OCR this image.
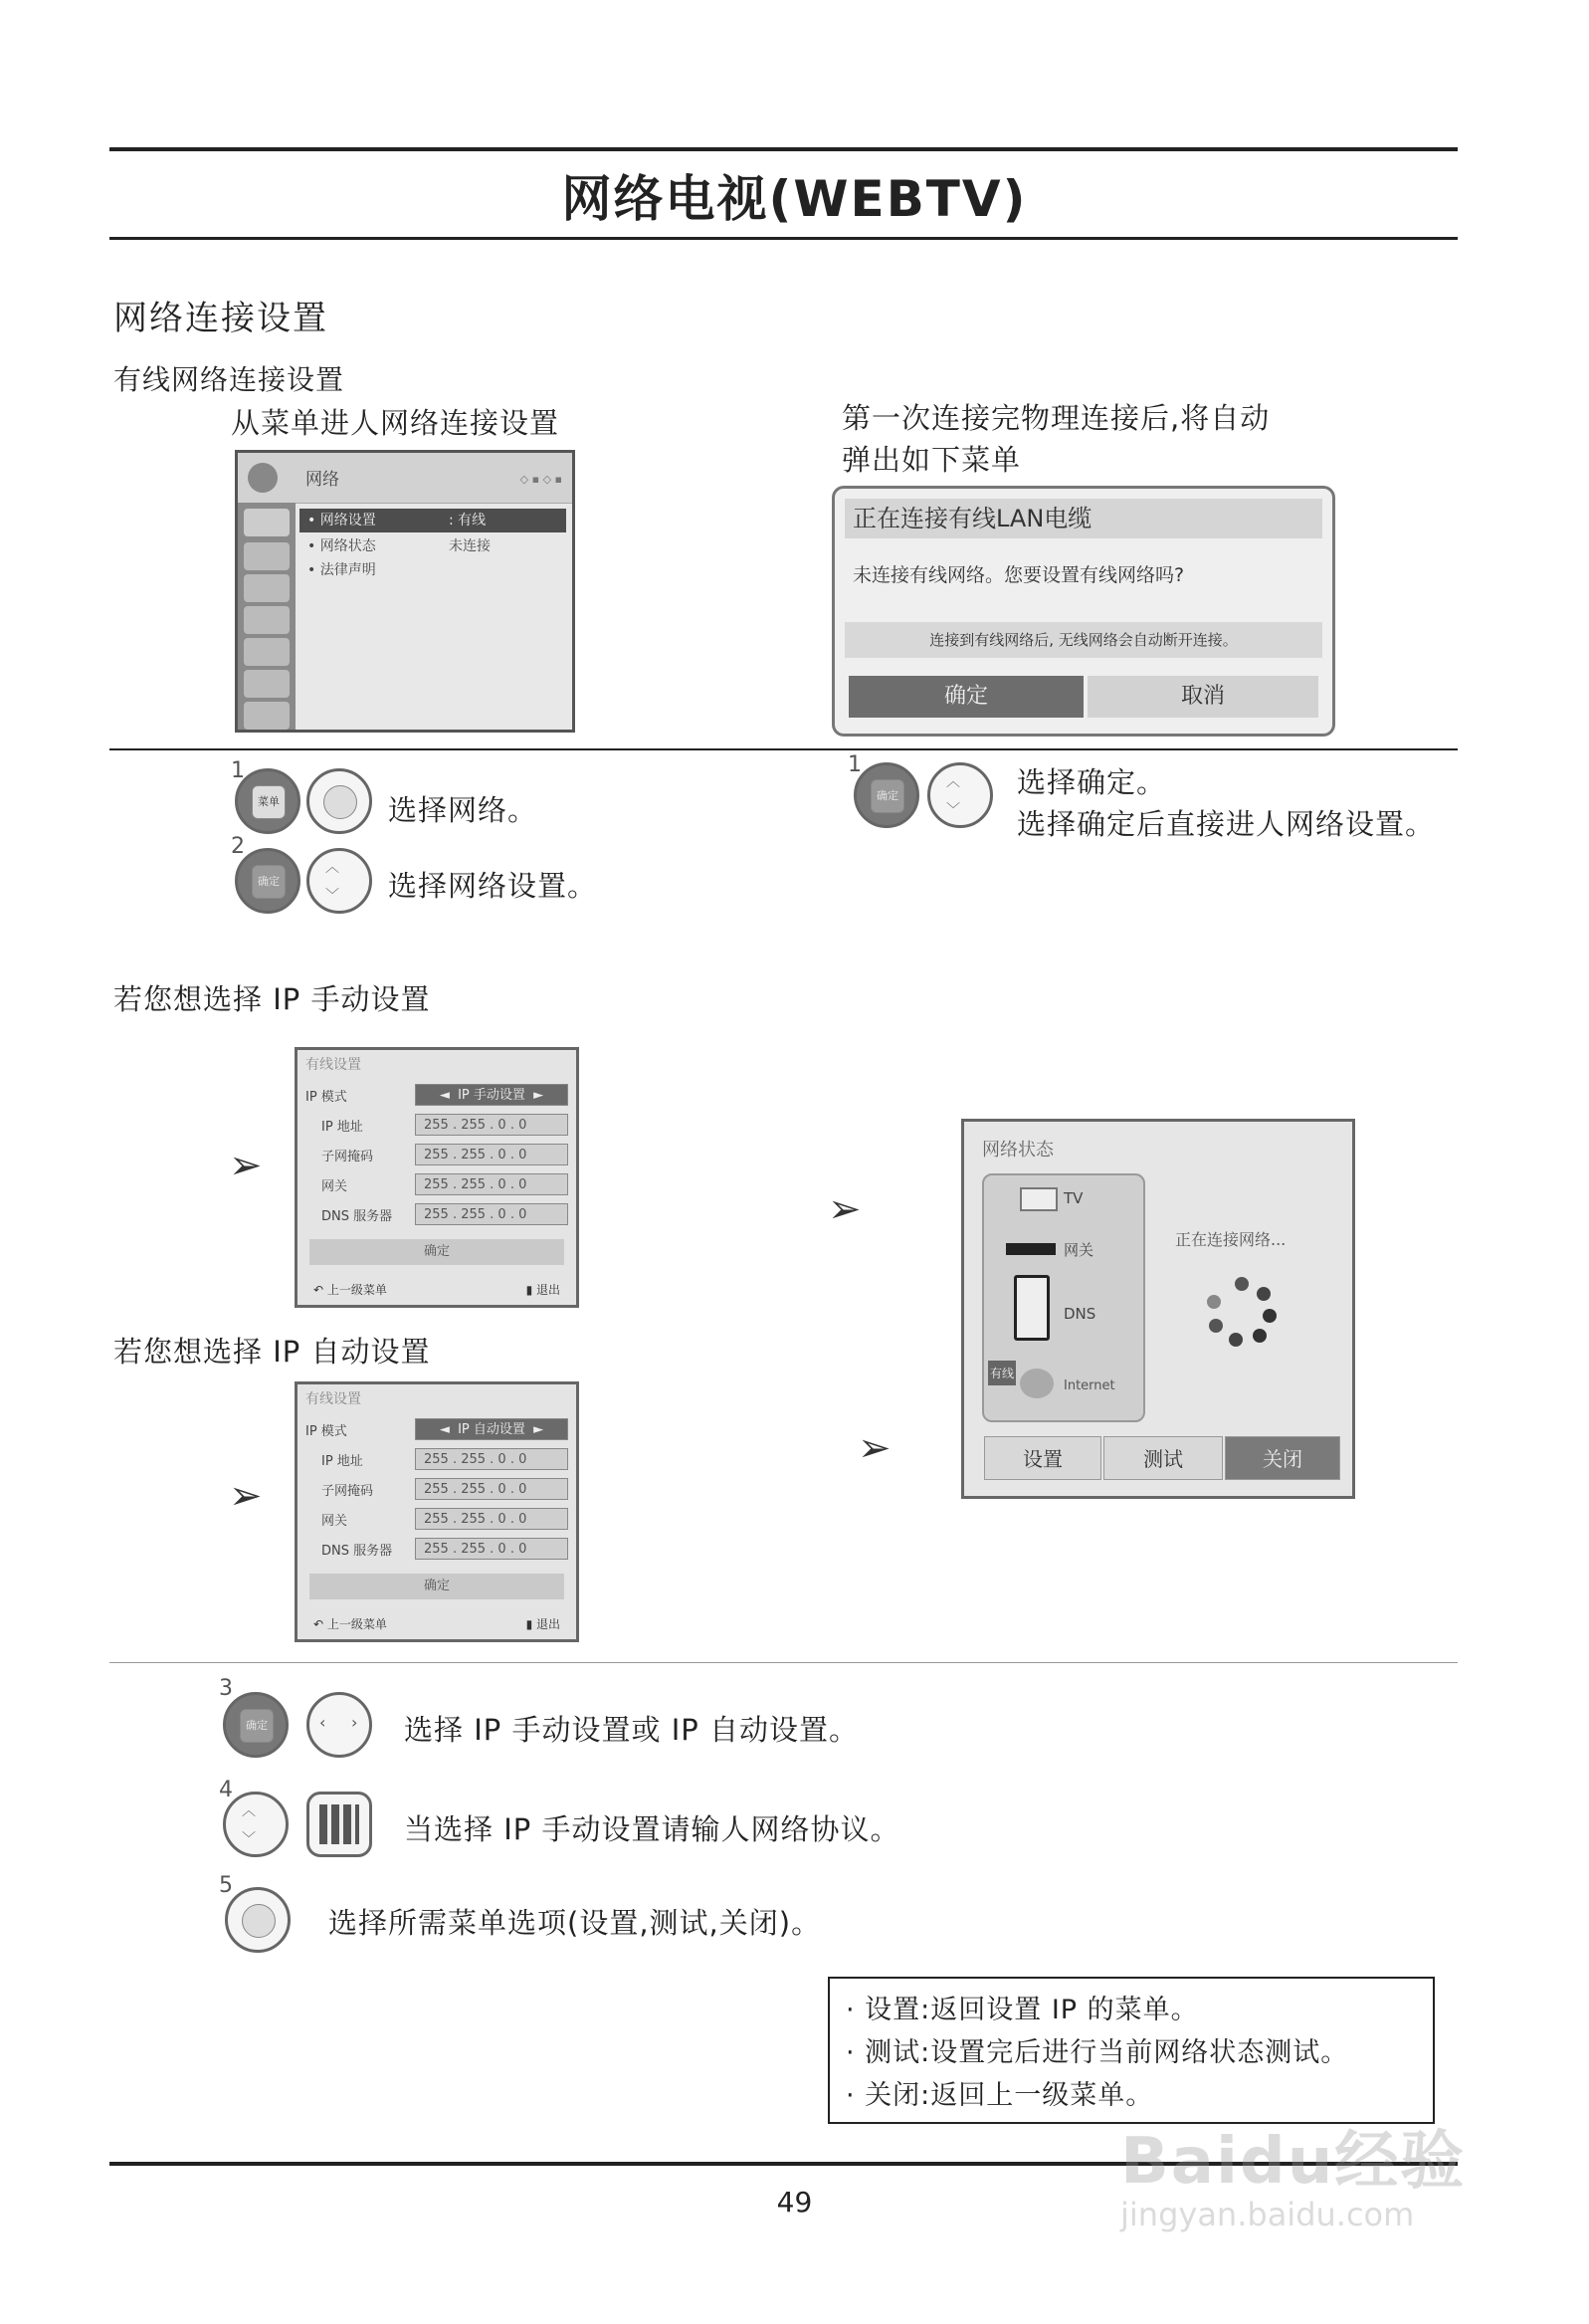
网络电视(WEBTV)
网络连接设置
有线网络连接设置
从菜单进人网络连接设置
网络	◇ ▪ ◇ ▪
• 网络设置	: 有线
• 网络状态	未连接
• 法律声明
第一次连接完物理连接后,将自动
弹出如下菜单
正在连接有线LAN电缆
未连接有线网络。您要设置有线网络吗?
连接到有线网络后, 无线网络会自动断开连接。
确定	取消
1
菜单	选择网络。
2
确定
︿
﹀ 选择网络设置。
1
确定
︿
﹀
选择确定。
选择确定后直接进人网络设置。
若您想选择 IP 手动设置
➢
有线设置
IP 模式	◄  IP 手动设置  ►
IP 地址	255 . 255 . 0 . 0
子网掩码	255 . 255 . 0 . 0
网关	255 . 255 . 0 . 0
DNS 服务器	255 . 255 . 0 . 0
确定
↶ 上一级菜单	▮ 退出
若您想选择 IP 自动设置
➢
有线设置
IP 模式	◄  IP 自动设置  ►
IP 地址	255 . 255 . 0 . 0
子网掩码	255 . 255 . 0 . 0
网关	255 . 255 . 0 . 0
DNS 服务器	255 . 255 . 0 . 0
确定
↶ 上一级菜单	▮ 退出
➢
➢
网络状态
TV
网关
DNS
Internet
有线
正在连接网络...
设置	测试	关闭
3
确定	‹ › 选择 IP 手动设置或 IP 自动设置。
4
︿
﹀	当选择 IP 手动设置请输人网络协议。
5
选择所需菜单选项(设置,测试,关闭)。
· 设置:返回设置 IP 的菜单。
· 测试:设置完后进行当前网络状态测试。
· 关闭:返回上一级菜单。
49
Baidu经验
jingyan.baidu.com
